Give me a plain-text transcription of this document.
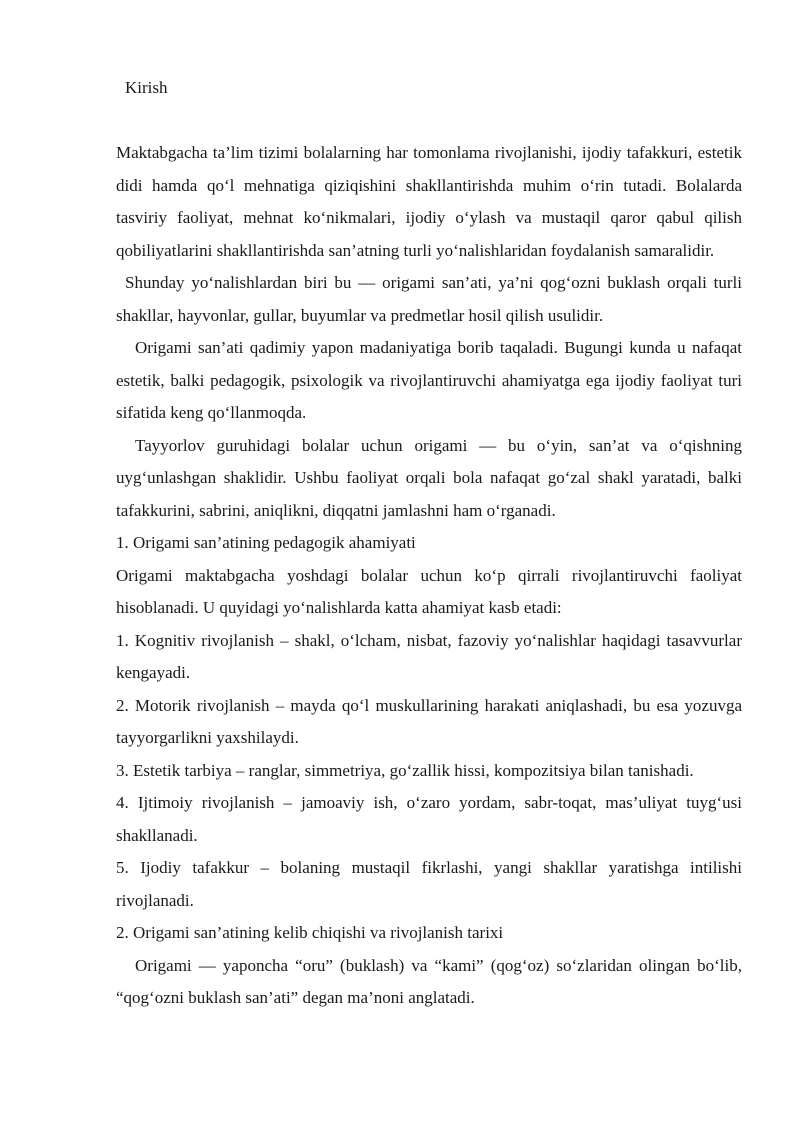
Kirish

Maktabgacha ta’lim tizimi bolalarning har tomonlama rivojlanishi, ijodiy tafakkuri, estetik didi hamda qo‘l mehnatiga qiziqishini shakllantirishda muhim o‘rin tutadi. Bolalarda tasviriy faoliyat, mehnat ko‘nikmalari, ijodiy o‘ylash va mustaqil qaror qabul qilish qobiliyatlarini shakllantirishda san’atning turli yo‘nalishlaridan foydalanish samaralidir.

Shunday yo‘nalishlardan biri bu — origami san’ati, ya’ni qog‘ozni buklash orqali turli shakllar, hayvonlar, gullar, buyumlar va predmetlar hosil qilish usulidir.

Origami san’ati qadimiy yapon madaniyatiga borib taqaladi. Bugungi kunda u nafaqat estetik, balki pedagogik, psixologik va rivojlantiruvchi ahamiyatga ega ijodiy faoliyat turi sifatida keng qo‘llanmoqda.

Tayyorlov guruhidagi bolalar uchun origami — bu o‘yin, san’at va o‘qishning uyg‘unlashgan shaklidir. Ushbu faoliyat orqali bola nafaqat go‘zal shakl yaratadi, balki tafakkurini, sabrini, aniqlikni, diqqatni jamlashni ham o‘rganadi.

1. Origami san’atining pedagogik ahamiyati

Origami maktabgacha yoshdagi bolalar uchun ko‘p qirrali rivojlantiruvchi faoliyat hisoblanadi. U quyidagi yo‘nalishlarda katta ahamiyat kasb etadi:

1. Kognitiv rivojlanish – shakl, o‘lcham, nisbat, fazoviy yo‘nalishlar haqidagi tasavvurlar kengayadi.

2. Motorik rivojlanish – mayda qo‘l muskullarining harakati aniqlashadi, bu esa yozuvga tayyorgarlikni yaxshilaydi.

3. Estetik tarbiya – ranglar, simmetriya, go‘zallik hissi, kompozitsiya bilan tanishadi.

4. Ijtimoiy rivojlanish – jamoaviy ish, o‘zaro yordam, sabr-toqat, mas’uliyat tuyg‘usi shakllanadi.

5. Ijodiy tafakkur – bolaning mustaqil fikrlashi, yangi shakllar yaratishga intilishi rivojlanadi.

2. Origami san’atining kelib chiqishi va rivojlanish tarixi

Origami — yaponcha “oru” (buklash) va “kami” (qog‘oz) so‘zlaridan olingan bo‘lib, “qog‘ozni buklash san’ati” degan ma’noni anglatadi.
